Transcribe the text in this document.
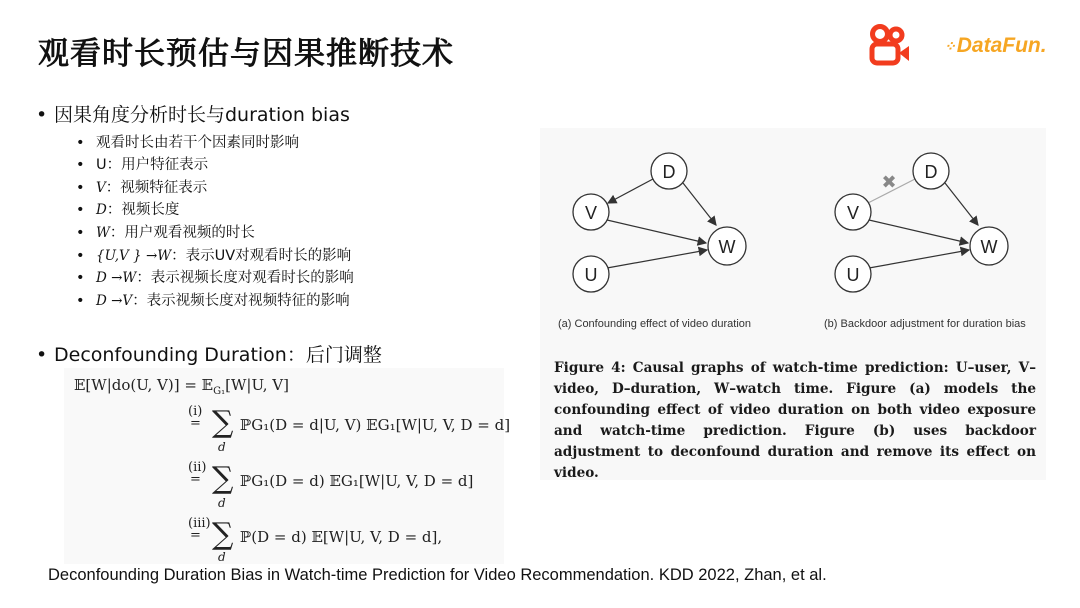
观看时长预估与因果推断技术	⁘DataFun.
• 因果角度分析时长与duration bias
• 观看时长由若干个因素同时影响
• U：用户特征表示
• V：视频特征表示
• D：视频长度
• W：用户观看视频的时长
• {U,V } →W：表示UV对观看时长的影响
• D →W：表示视频长度对观看时长的影响
• D →V：表示视频长度对视频特征的影响
• Deconfounding Duration：后门调整
𝔼[W|do(U, V)] = 𝔼$_{G_1}$[W|U, V]
(i)
= ∑
d
ℙG₁(D = d|U, V) 𝔼G₁[W|U, V, D = d]
(ii)
= ∑
d
ℙG₁(D = d) 𝔼G₁[W|U, V, D = d]
(iii)
= ∑
d
ℙ(D = d) 𝔼[W|U, V, D = d],
D
V
W
U
✖ D
V
W
U
(a) Confounding effect of video duration	(b) Backdoor adjustment for duration bias
Figure 4: Causal graphs of watch-time prediction: U–user, V–video, D–duration, W–watch time. Figure (a) models the confounding effect of video duration on both video exposure and watch-time prediction. Figure (b) uses backdoor adjustment to deconfound duration and remove its effect on video.
Deconfounding Duration Bias in Watch-time Prediction for Video Recommendation. KDD 2022, Zhan, et al.
